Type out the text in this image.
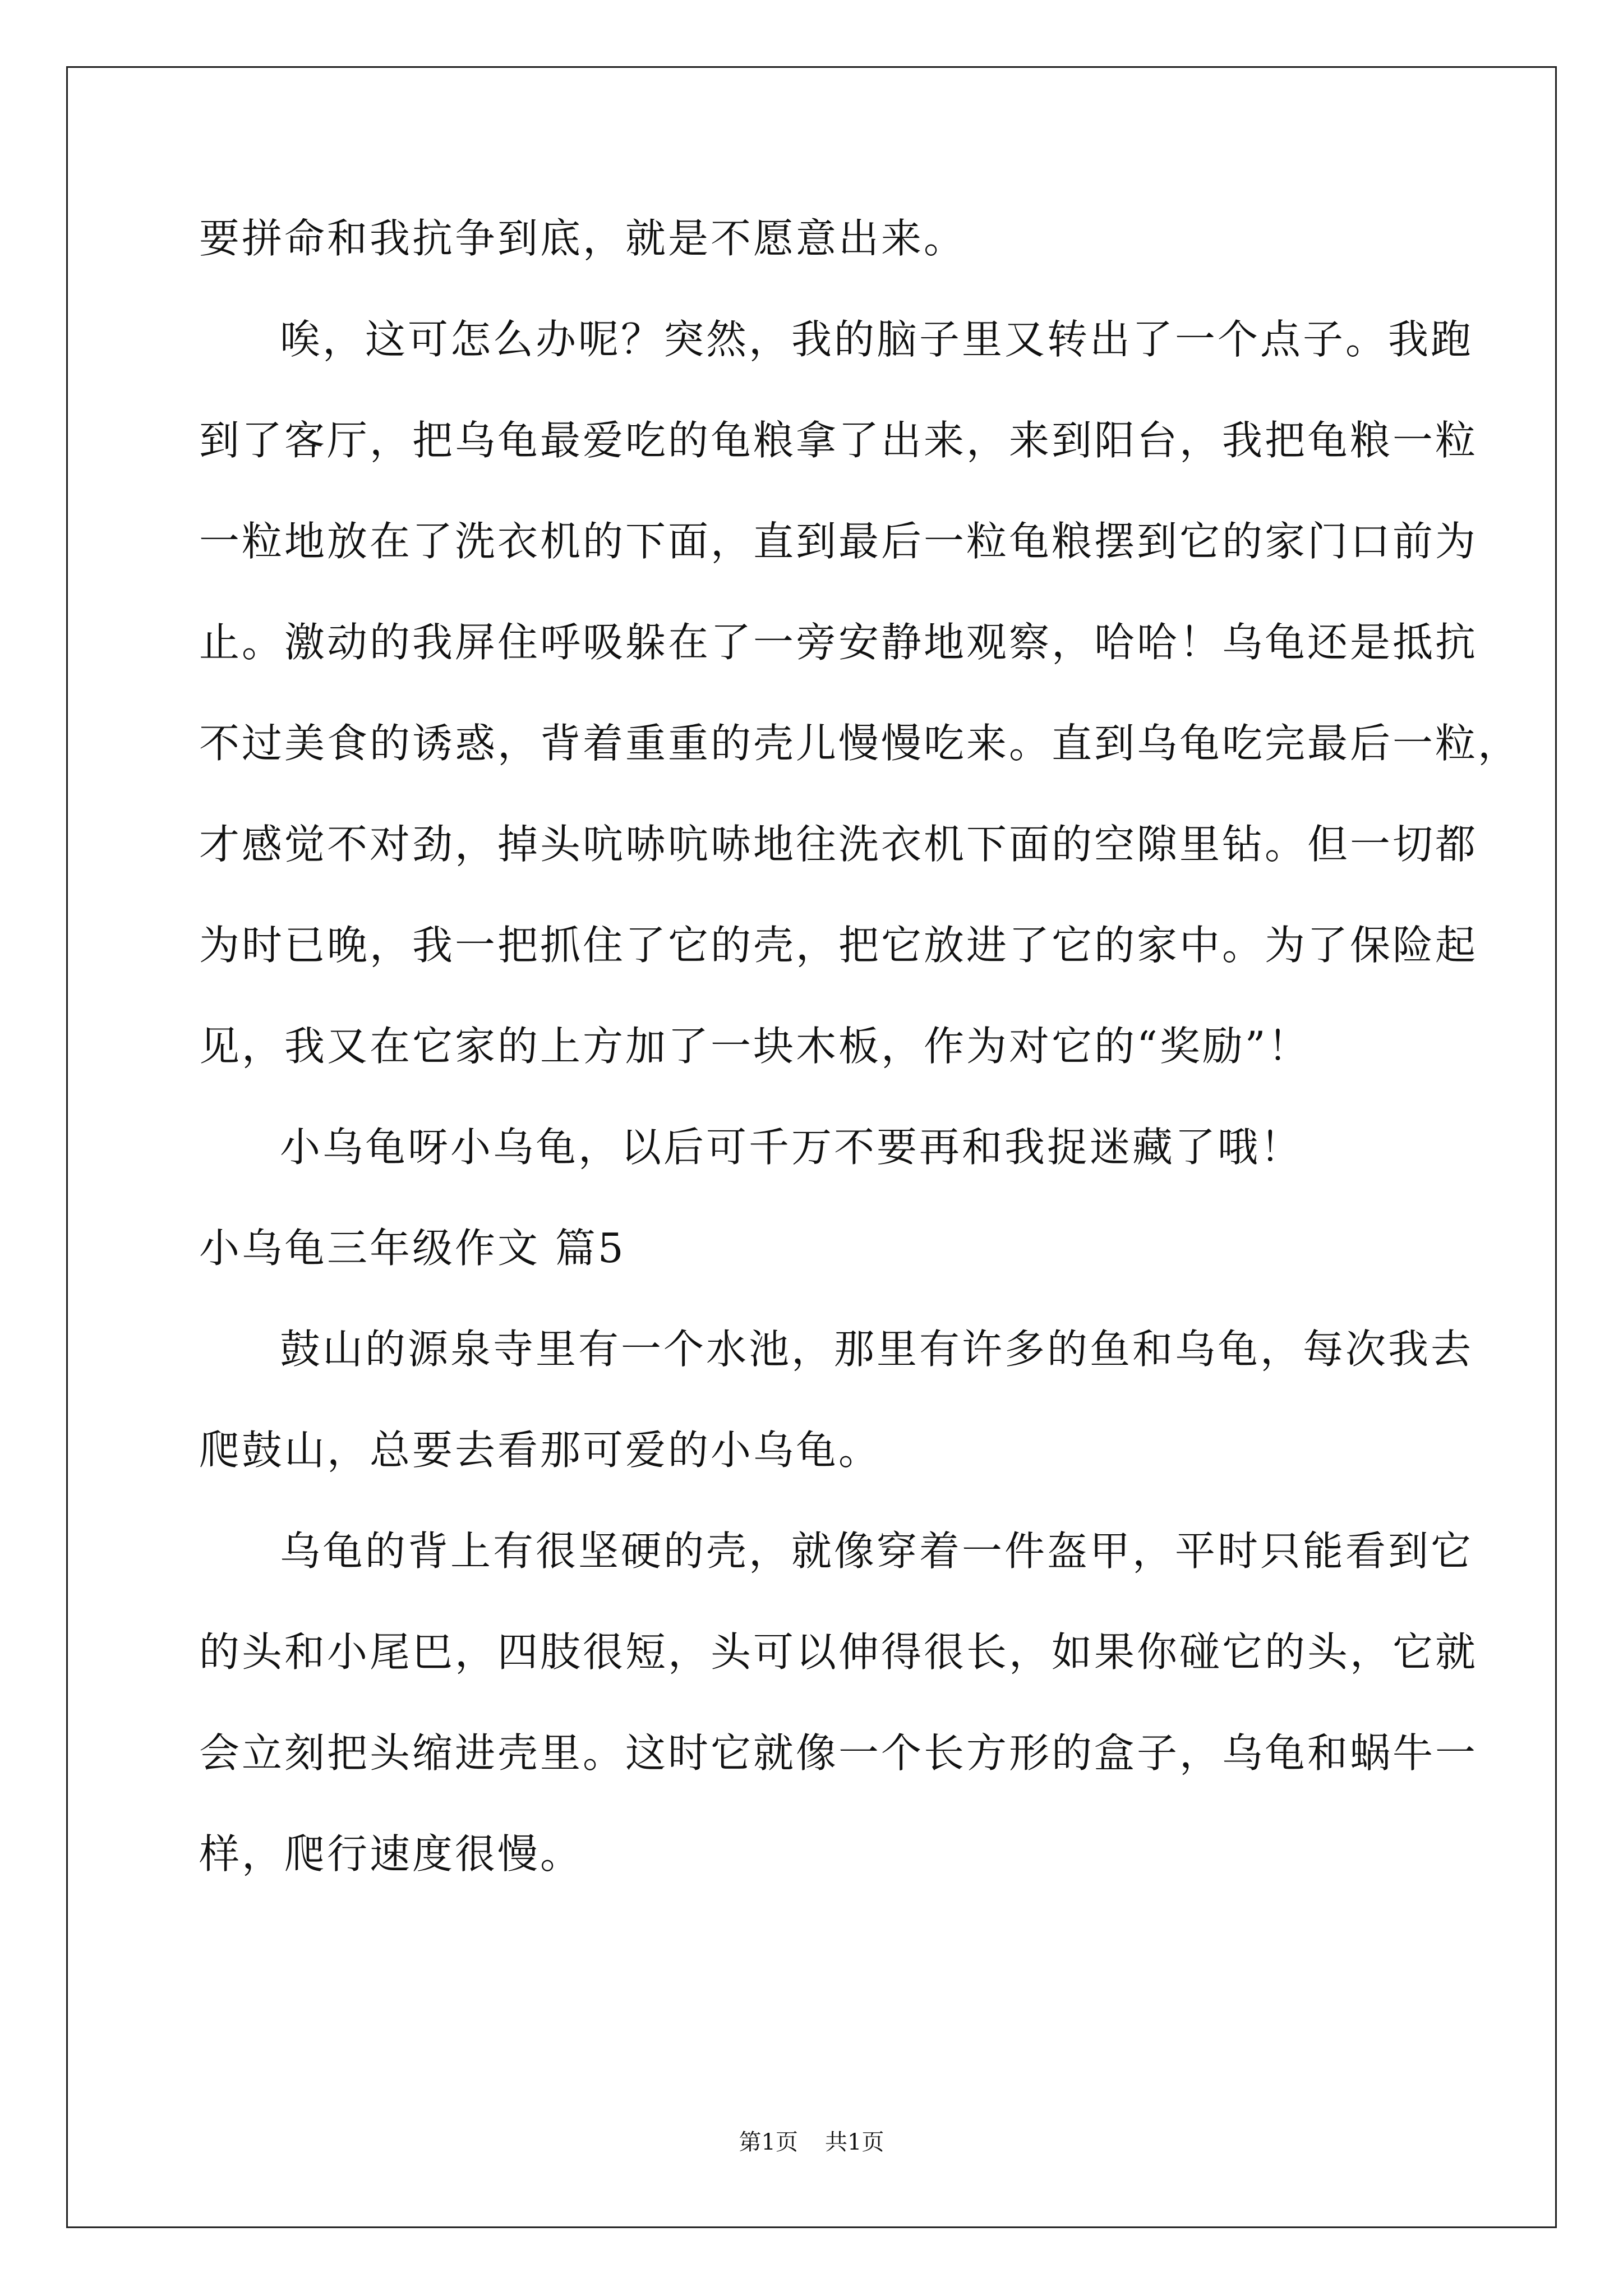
要拼命和我抗争到底，就是不愿意出来。
唉，这可怎么办呢？突然，我的脑子里又转出了一个点子。我跑
到了客厅，把乌龟最爱吃的龟粮拿了出来，来到阳台，我把龟粮一粒
一粒地放在了洗衣机的下面，直到最后一粒龟粮摆到它的家门口前为
止。激动的我屏住呼吸躲在了一旁安静地观察，哈哈！乌龟还是抵抗
不过美食的诱惑，背着重重的壳儿慢慢吃来。直到乌龟吃完最后一粒，
才感觉不对劲，掉头吭哧吭哧地往洗衣机下面的空隙里钻。但一切都
为时已晚，我一把抓住了它的壳，把它放进了它的家中。为了保险起
见，我又在它家的上方加了一块木板，作为对它的“奖励”！
小乌龟呀小乌龟，以后可千万不要再和我捉迷藏了哦！
小乌龟三年级作文 篇5
鼓山的源泉寺里有一个水池，那里有许多的鱼和乌龟，每次我去
爬鼓山，总要去看那可爱的小乌龟。
乌龟的背上有很坚硬的壳，就像穿着一件盔甲，平时只能看到它
的头和小尾巴，四肢很短，头可以伸得很长，如果你碰它的头，它就
会立刻把头缩进壳里。这时它就像一个长方形的盒子，乌龟和蜗牛一
样，爬行速度很慢。
第1页 共1页
